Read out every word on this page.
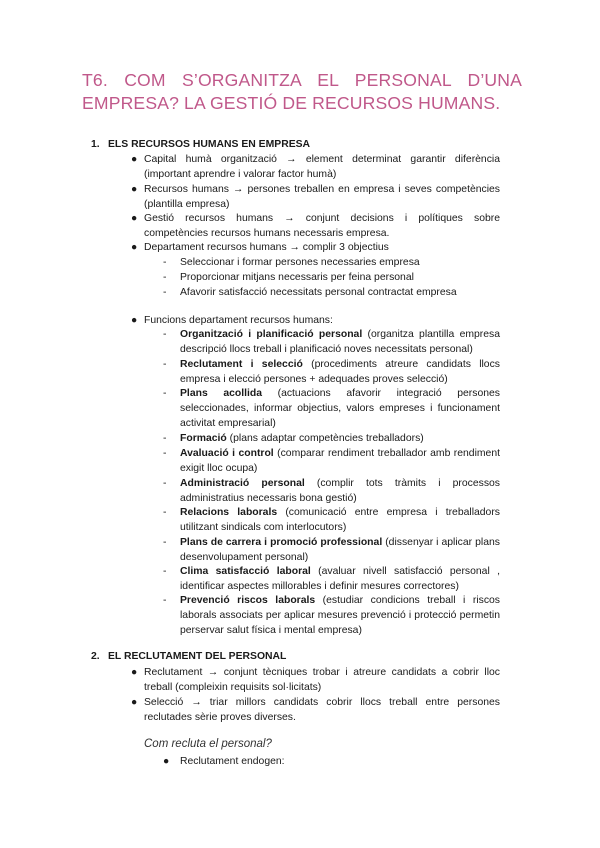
T6. COM S’ORGANITZA EL PERSONAL D’UNA
EMPRESA? LA GESTIÓ DE RECURSOS HUMANS.
1. ELS RECURSOS HUMANS EN EMPRESA
● Capital humà organització → element determinat garantir diferència (important aprendre i valorar factor humà)

● Recursos humans → persones treballen en empresa i seves competències (plantilla empresa)

● Gestió recursos humans → conjunt decisions i polítiques sobre competències recursos humans necessaris empresa.

● Departament recursos humans → complir 3 objectius

- Seleccionar i formar persones necessaries empresa

- Proporcionar mitjans necessaris per feina personal

- Afavorir satisfacció necessitats personal contractat empresa

● Funcions departament recursos humans:

- Organització i planificació personal (organitza plantilla empresa descripció llocs treball i planificació noves necessitats personal)

- Reclutament i selecció (procediments atreure candidats llocs empresa i elecció persones + adequades proves selecció)

- Plans acollida (actuacions afavorir integració persones seleccionades, informar objectius, valors empreses i funcionament activitat empresarial)

- Formació (plans adaptar competències treballadors)

- Avaluació i control (comparar rendiment treballador amb rendiment exigit lloc ocupa)

- Administració personal (complir tots tràmits i processos administratius necessaris bona gestió)

- Relacions laborals (comunicació entre empresa i treballadors utilitzant sindicals com interlocutors)

- Plans de carrera i promoció professional (dissenyar i aplicar plans desenvolupament personal)

- Clima satisfacció laboral (avaluar nivell satisfacció personal , identificar aspectes millorables i definir mesures correctores)

- Prevenció riscos laborals (estudiar condicions treball i riscos laborals associats per aplicar mesures prevenció i protecció permetin perservar salut física i mental empresa)

2. EL RECLUTAMENT DEL PERSONAL
● Reclutament → conjunt tècniques trobar i atreure candidats a cobrir lloc treball (compleixin requisits sol·licitats)

● Selecció → triar millors candidats cobrir llocs treball entre persones reclutades sèrie proves diverses.

Com recluta el personal?
● Reclutament endogen:
